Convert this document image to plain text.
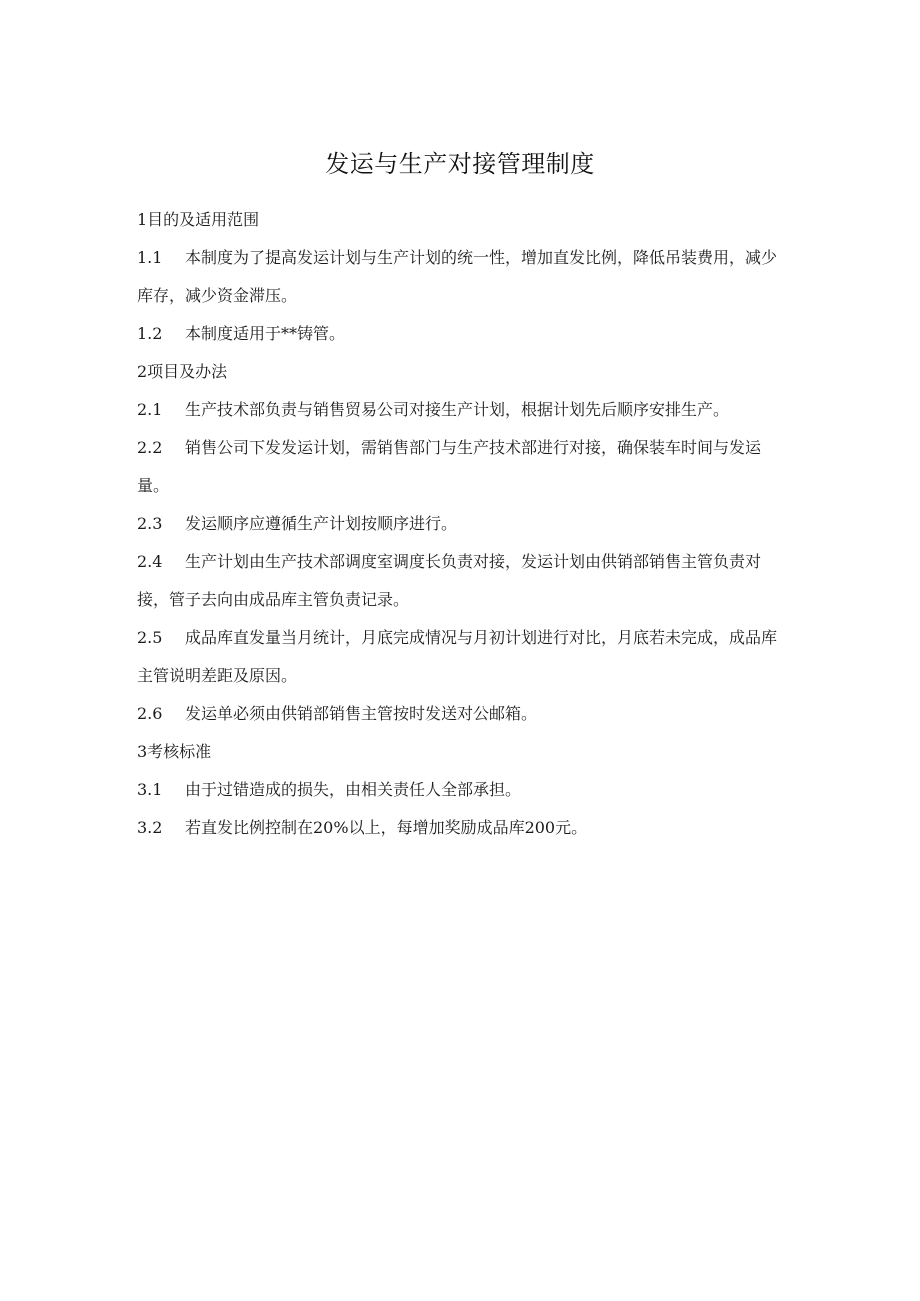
发运与生产对接管理制度
1目的及适用范围

1.1 本制度为了提高发运计划与生产计划的统一性，增加直发比例，降低吊装费用，减少库存，减少资金滞压。

1.2 本制度适用于**铸管。

2项目及办法

2.1 生产技术部负责与销售贸易公司对接生产计划，根据计划先后顺序安排生产。

2.2 销售公司下发发运计划，需销售部门与生产技术部进行对接，确保装车时间与发运量。

2.3 发运顺序应遵循生产计划按顺序进行。

2.4 生产计划由生产技术部调度室调度长负责对接，发运计划由供销部销售主管负责对接，管子去向由成品库主管负责记录。

2.5 成品库直发量当月统计，月底完成情况与月初计划进行对比，月底若未完成，成品库主管说明差距及原因。

2.6 发运单必须由供销部销售主管按时发送对公邮箱。

3考核标准

3.1 由于过错造成的损失，由相关责任人全部承担。

3.2 若直发比例控制在20%以上，每增加奖励成品库200元。
